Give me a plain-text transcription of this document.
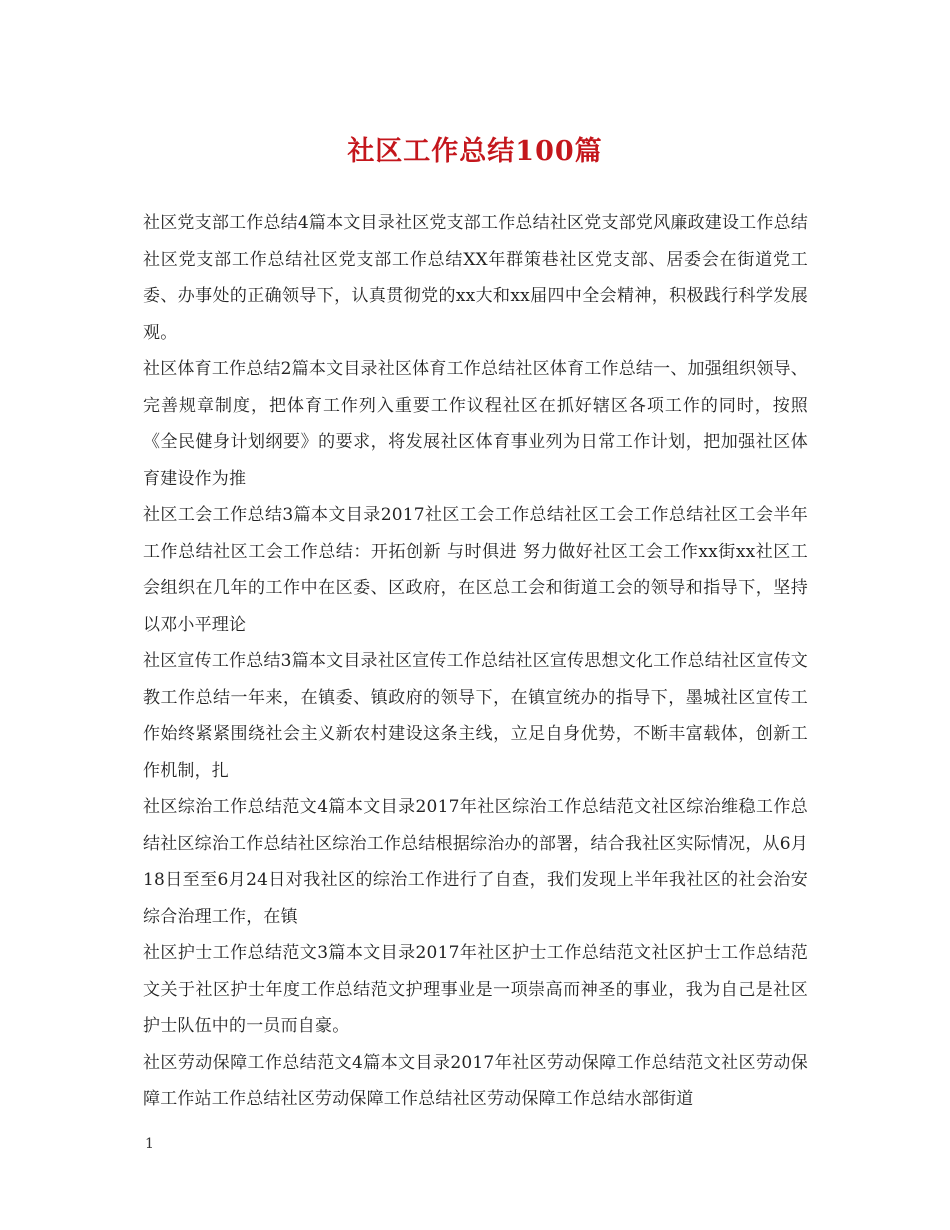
社区工作总结100篇

社区党支部工作总结4篇本文目录社区党支部工作总结社区党支部党风廉政建设工作总结社区党支部工作总结社区党支部工作总结XX年群策巷社区党支部、居委会在街道党工委、办事处的正确领导下，认真贯彻党的xx大和xx届四中全会精神，积极践行科学发展观。

社区体育工作总结2篇本文目录社区体育工作总结社区体育工作总结一、加强组织领导、完善规章制度，把体育工作列入重要工作议程社区在抓好辖区各项工作的同时，按照《全民健身计划纲要》的要求，将发展社区体育事业列为日常工作计划，把加强社区体育建设作为推

社区工会工作总结3篇本文目录2017社区工会工作总结社区工会工作总结社区工会半年工作总结社区工会工作总结：开拓创新 与时俱进 努力做好社区工会工作xx街xx社区工会组织在几年的工作中在区委、区政府，在区总工会和街道工会的领导和指导下，坚持以邓小平理论

社区宣传工作总结3篇本文目录社区宣传工作总结社区宣传思想文化工作总结社区宣传文教工作总结一年来，在镇委、镇政府的领导下，在镇宣统办的指导下，墨城社区宣传工作始终紧紧围绕社会主义新农村建设这条主线，立足自身优势，不断丰富载体，创新工作机制，扎

社区综治工作总结范文4篇本文目录2017年社区综治工作总结范文社区综治维稳工作总结社区综治工作总结社区综治工作总结根据综治办的部署，结合我社区实际情况，从6月18日至至6月24日对我社区的综治工作进行了自查，我们发现上半年我社区的社会治安综合治理工作，在镇

社区护士工作总结范文3篇本文目录2017年社区护士工作总结范文社区护士工作总结范文关于社区护士年度工作总结范文护理事业是一项崇高而神圣的事业，我为自己是社区护士队伍中的一员而自豪。

社区劳动保障工作总结范文4篇本文目录2017年社区劳动保障工作总结范文社区劳动保障工作站工作总结社区劳动保障工作总结社区劳动保障工作总结水部街道

1
